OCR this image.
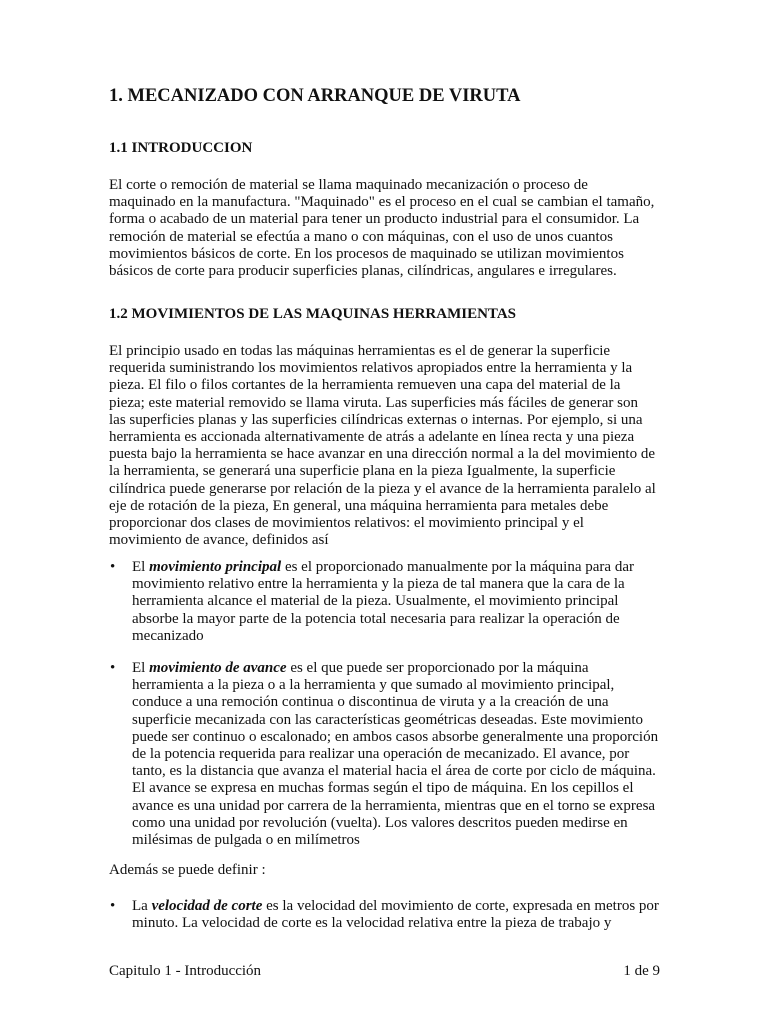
1. MECANIZADO CON ARRANQUE DE VIRUTA
1.1 INTRODUCCION

El corte o remoción de material se llama maquinado mecanización o proceso de maquinado en la manufactura. "Maquinado" es el proceso en el cual se cambian el tamaño, forma o acabado de un material para tener un producto industrial para el consumidor. La remoción de material se efectúa a mano o con máquinas, con el uso de unos cuantos movimientos básicos de corte. En los procesos de maquinado se utilizan movimientos básicos de corte para producir superficies planas, cilíndricas, angulares e irregulares.

1.2 MOVIMIENTOS DE LAS MAQUINAS HERRAMIENTAS

El principio usado en todas las máquinas herramientas es el de generar la superficie requerida suministrando los movimientos relativos apropiados entre la herramienta y la pieza. El filo o filos cortantes de la herramienta remueven una capa del material de la pieza; este material removido se llama viruta. Las superficies más fáciles de generar son las superficies planas y las superficies cilíndricas externas o internas. Por ejemplo, si una herramienta es accionada alternativamente de atrás a adelante en línea recta y una pieza puesta bajo la herramienta se hace avanzar en una dirección normal a la del movimiento de la herramienta, se generará una superficie plana en la pieza Igualmente, la superficie cilíndrica puede generarse por relación de la pieza y el avance de la herramienta paralelo al eje de rotación de la pieza, En general, una máquina herramienta para metales debe proporcionar dos clases de movimientos relativos: el movimiento principal y el movimiento de avance, definidos así

• El movimiento principal es el proporcionado manualmente por la máquina para dar movimiento relativo entre la herramienta y la pieza de tal manera que la cara de la herramienta alcance el material de la pieza. Usualmente, el movimiento principal absorbe la mayor parte de la potencia total necesaria para realizar la operación de mecanizado

• El movimiento de avance es el que puede ser proporcionado por la máquina herramienta a la pieza o a la herramienta y que sumado al movimiento principal, conduce a una remoción continua o discontinua de viruta y a la creación de una superficie mecanizada con las características geométricas deseadas. Este movimiento puede ser continuo o escalonado; en ambos casos absorbe generalmente una proporción de la potencia requerida para realizar una operación de mecanizado. El avance, por tanto, es la distancia que avanza el material hacia el área de corte por ciclo de máquina. El avance se expresa en muchas formas según el tipo de máquina. En los cepillos el avance es una unidad por carrera de la herramienta, mientras que en el torno se expresa como una unidad por revolución (vuelta). Los valores descritos pueden medirse en milésimas de pulgada o en milímetros

Además se puede definir :

• La velocidad de corte es la velocidad del movimiento de corte, expresada en metros por minuto. La velocidad de corte es la velocidad relativa entre la pieza de trabajo y

Capitulo 1 - Introducción	1 de 9
